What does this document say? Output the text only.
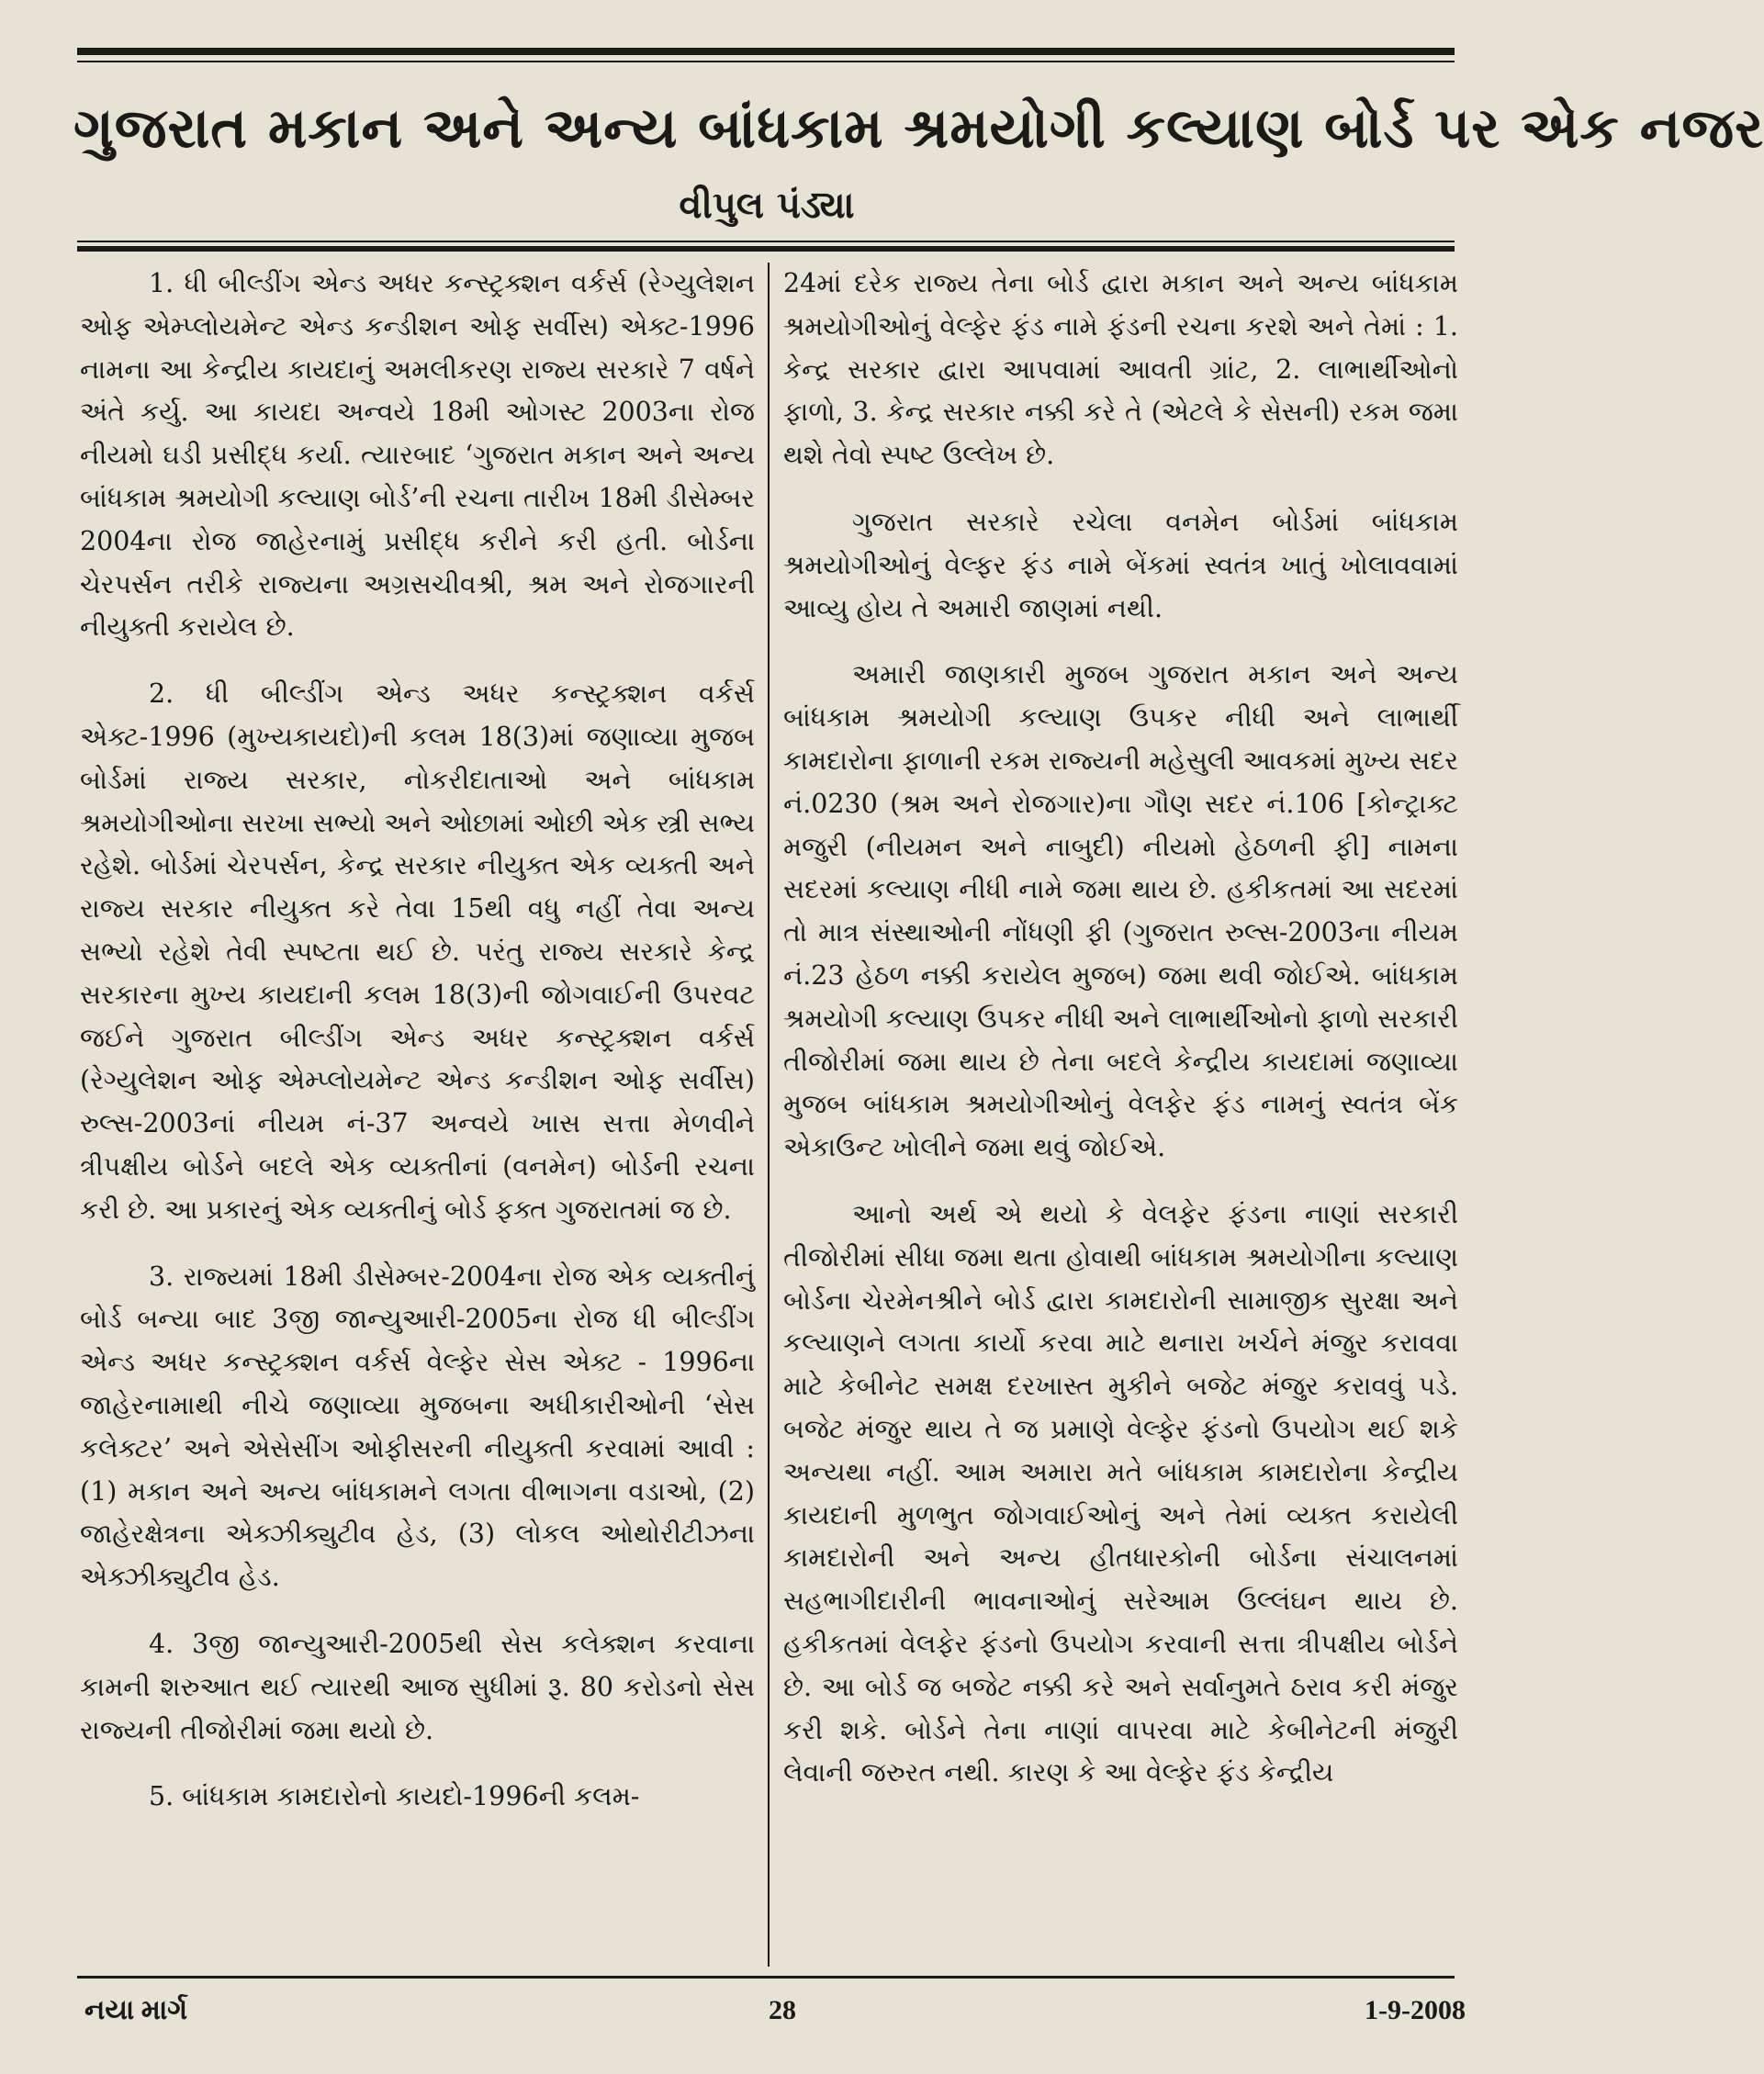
ગુજરાત મકાન અને અન્ય બાંધકામ શ્રમયોગી કલ્યાણ બોર્ડ પર એક નજર
વીપુલ પંડ્યા

1. ધી બીલ્ડીંગ એન્ડ અધર કન્સ્ટ્રક્શન વર્કર્સ (રેગ્યુલેશન ઓફ એમ્પ્લોયમેન્ટ એન્ડ કન્ડીશન ઓફ સર્વીસ) એક્ટ-1996 નામના આ કેન્દ્રીય કાયદાનું અમલીકરણ રાજ્ય સરકારે 7 વર્ષને અંતે કર્યુ. આ કાયદા અન્વયે 18મી ઓગસ્ટ 2003ના રોજ નીયમો ઘડી પ્રસીદ્ધ કર્યા. ત્યારબાદ ‘ગુજરાત મકાન અને અન્ય બાંધકામ શ્રમયોગી કલ્યાણ બોર્ડ’ની રચના તારીખ 18મી ડીસેમ્બર 2004ના રોજ જાહેરનામું પ્રસીદ્ધ કરીને કરી હતી. બોર્ડના ચેરપર્સન તરીકે રાજ્યના અગ્રસચીવશ્રી, શ્રમ અને રોજગારની નીયુક્તી કરાયેલ છે.

2. ધી બીલ્ડીંગ એન્ડ અધર કન્સ્ટ્રક્શન વર્કર્સ એક્ટ-1996 (મુખ્યકાયદો)ની કલમ 18(3)માં જણાવ્યા મુજબ બોર્ડમાં રાજ્ય સરકાર, નોકરીદાતાઓ અને બાંધકામ શ્રમયોગીઓના સરખા સભ્યો અને ઓછામાં ઓછી એક સ્ત્રી સભ્ય રહેશે. બોર્ડમાં ચેરપર્સન, કેન્દ્ર સરકાર નીયુક્ત એક વ્યક્તી અને રાજ્ય સરકાર નીયુક્ત કરે તેવા 15થી વધુ નહીં તેવા અન્ય સભ્યો રહેશે તેવી સ્પષ્ટતા થઈ છે. પરંતુ રાજ્ય સરકારે કેન્દ્ર સરકારના મુખ્ય કાયદાની કલમ 18(3)ની જોગવાઈની ઉપરવટ જઈને ગુજરાત બીલ્ડીંગ એન્ડ અધર કન્સ્ટ્રક્શન વર્કર્સ (રેગ્યુલેશન ઓફ એમ્પ્લોયમેન્ટ એન્ડ કન્ડીશન ઓફ સર્વીસ) રુલ્સ-2003નાં નીયમ નં-37 અન્વયે ખાસ સત્તા મેળવીને ત્રીપક્ષીય બોર્ડને બદલે એક વ્યક્તીનાં (વનમેન) બોર્ડની રચના કરી છે. આ પ્રકારનું એક વ્યક્તીનું બોર્ડ ફક્ત ગુજરાતમાં જ છે.

3. રાજ્યમાં 18મી ડીસેમ્બર-2004ના રોજ એક વ્યક્તીનું બોર્ડ બન્યા બાદ 3જી જાન્યુઆરી-2005ના રોજ ધી બીલ્ડીંગ એન્ડ અધર કન્સ્ટ્રક્શન વર્કર્સ વેલ્ફેર સેસ એક્ટ - 1996ના જાહેરનામાથી નીચે જણાવ્યા મુજબના અધીકારીઓની ‘સેસ કલેક્ટર’ અને એસેસીંગ ઓફીસરની નીયુક્તી કરવામાં આવી : (1) મકાન અને અન્ય બાંધકામને લગતા વીભાગના વડાઓ, (2) જાહેરક્ષેત્રના એક્ઝીક્યુટીવ હેડ, (3) લોકલ ઓથોરીટીઝના એક્ઝીક્યુટીવ હેડ.

4. 3જી જાન્યુઆરી-2005થી સેસ કલેક્શન કરવાના કામની શરુઆત થઈ ત્યારથી આજ સુધીમાં રૂ. 80 કરોડનો સેસ રાજ્યની તીજોરીમાં જમા થયો છે.

5. બાંધકામ કામદારોનો કાયદો-1996ની કલમ-

24માં દરેક રાજ્ય તેના બોર્ડ દ્વારા મકાન અને અન્ય બાંધકામ શ્રમયોગીઓનું વેલ્ફેર ફંડ નામે ફંડની રચના કરશે અને તેમાં : 1. કેન્દ્ર સરકાર દ્વારા આપવામાં આવતી ગ્રાંટ, 2. લાભાર્થીઓનો ફાળો, 3. કેન્દ્ર સરકાર નક્કી કરે તે (એટલે કે સેસની) રકમ જમા થશે તેવો સ્પષ્ટ ઉલ્લેખ છે.

ગુજરાત સરકારે રચેલા વનમેન બોર્ડમાં બાંધકામ શ્રમયોગીઓનું વેલ્ફર ફંડ નામે બેંકમાં સ્વતંત્ર ખાતું ખોલાવવામાં આવ્યુ હોય તે અમારી જાણમાં નથી.

અમારી જાણકારી મુજબ ગુજરાત મકાન અને અન્ય બાંધકામ શ્રમયોગી કલ્યાણ ઉપકર નીધી અને લાભાર્થી કામદારોના ફાળાની રકમ રાજ્યની મહેસુલી આવકમાં મુખ્ય સદર નં.0230 (શ્રમ અને રોજગાર)ના ગૌણ સદર નં.106 [કોન્ટ્રાક્ટ મજુરી (નીયમન અને નાબુદી) નીયમો હેઠળની ફી] નામના સદરમાં કલ્યાણ નીધી નામે જમા થાય છે. હકીકતમાં આ સદરમાં તો માત્ર સંસ્થાઓની નોંધણી ફી (ગુજરાત રુલ્સ-2003ના નીયમ નં.23 હેઠળ નક્કી કરાયેલ મુજબ) જમા થવી જોઈએ. બાંધકામ શ્રમયોગી કલ્યાણ ઉપકર નીધી અને લાભાર્થીઓનો ફાળો સરકારી તીજોરીમાં જમા થાય છે તેના બદલે કેન્દ્રીય કાયદામાં જણાવ્યા મુજબ બાંધકામ શ્રમયોગીઓનું વેલફેર ફંડ નામનું સ્વતંત્ર બેંક એકાઉન્ટ ખોલીને જમા થવું જોઈએ.

આનો અર્થ એ થયો કે વેલફેર ફંડના નાણાં સરકારી તીજોરીમાં સીધા જમા થતા હોવાથી બાંધકામ શ્રમયોગીના કલ્યાણ બોર્ડના ચેરમેનશ્રીને બોર્ડ દ્વારા કામદારોની સામાજીક સુરક્ષા અને કલ્યાણને લગતા કાર્યો કરવા માટે થનારા ખર્ચને મંજુર કરાવવા માટે કેબીનેટ સમક્ષ દરખાસ્ત મુકીને બજેટ મંજુર કરાવવું પડે. બજેટ મંજુર થાય તે જ પ્રમાણે વેલ્ફેર ફંડનો ઉપયોગ થઈ શકે અન્યથા નહીં. આમ અમારા મતે બાંધકામ કામદારોના કેન્દ્રીય કાયદાની મુળભુત જોગવાઈઓનું અને તેમાં વ્યક્ત કરાયેલી કામદારોની અને અન્ય હીતધારકોની બોર્ડના સંચાલનમાં સહભાગીદારીની ભાવનાઓનું સરેઆમ ઉલ્લંઘન થાય છે. હકીકતમાં વેલફેર ફંડનો ઉપયોગ કરવાની સત્તા ત્રીપક્ષીય બોર્ડને છે. આ બોર્ડ જ બજેટ નક્કી કરે અને સર્વાનુમતે ઠરાવ કરી મંજુર કરી શકે. બોર્ડને તેના નાણાં વાપરવા માટે કેબીનેટની મંજુરી લેવાની જરુરત નથી. કારણ કે આ વેલ્ફેર ફંડ કેન્દ્રીય

નયા માર્ગ	28	1-9-2008
